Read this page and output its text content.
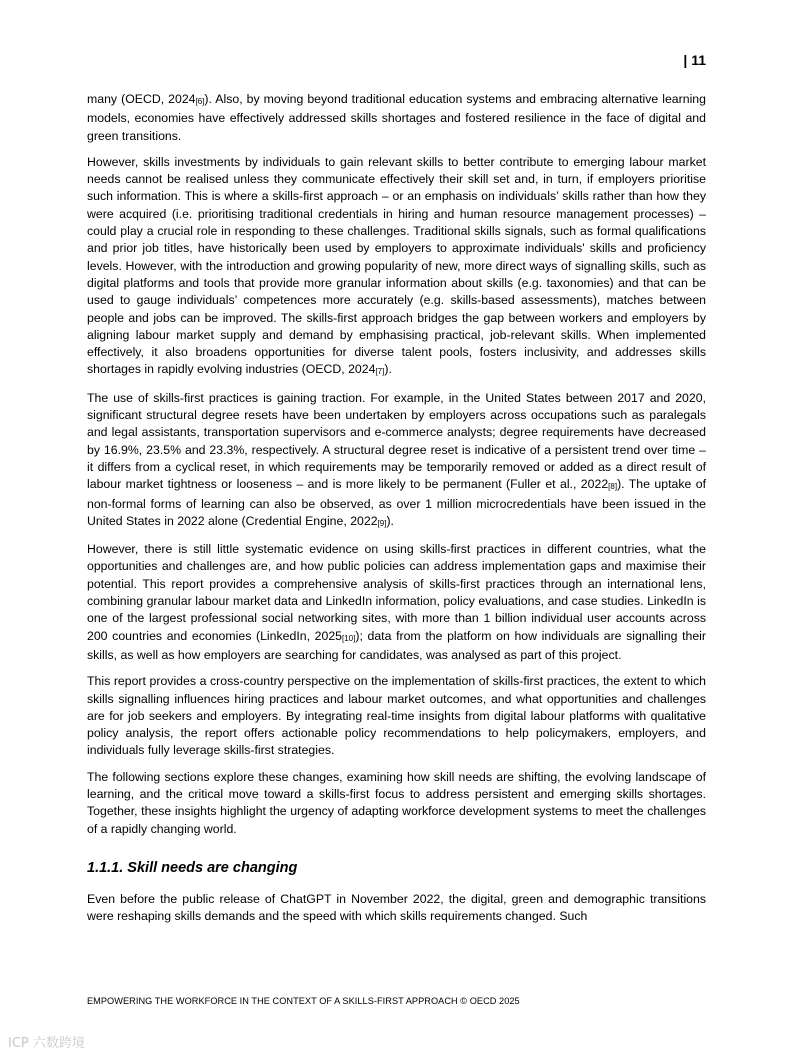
| 11

many (OECD, 2024[6]). Also, by moving beyond traditional education systems and embracing alternative learning models, economies have effectively addressed skills shortages and fostered resilience in the face of digital and green transitions.

However, skills investments by individuals to gain relevant skills to better contribute to emerging labour market needs cannot be realised unless they communicate effectively their skill set and, in turn, if employers prioritise such information. This is where a skills-first approach – or an emphasis on individuals’ skills rather than how they were acquired (i.e. prioritising traditional credentials in hiring and human resource management processes) – could play a crucial role in responding to these challenges. Traditional skills signals, such as formal qualifications and prior job titles, have historically been used by employers to approximate individuals' skills and proficiency levels. However, with the introduction and growing popularity of new, more direct ways of signalling skills, such as digital platforms and tools that provide more granular information about skills (e.g. taxonomies) and that can be used to gauge individuals’ competences more accurately (e.g. skills-based assessments), matches between people and jobs can be improved. The skills-first approach bridges the gap between workers and employers by aligning labour market supply and demand by emphasising practical, job-relevant skills. When implemented effectively, it also broadens opportunities for diverse talent pools, fosters inclusivity, and addresses skills shortages in rapidly evolving industries (OECD, 2024[7]).

The use of skills-first practices is gaining traction. For example, in the United States between 2017 and 2020, significant structural degree resets have been undertaken by employers across occupations such as paralegals and legal assistants, transportation supervisors and e-commerce analysts; degree requirements have decreased by 16.9%, 23.5% and 23.3%, respectively. A structural degree reset is indicative of a persistent trend over time – it differs from a cyclical reset, in which requirements may be temporarily removed or added as a direct result of labour market tightness or looseness – and is more likely to be permanent (Fuller et al., 2022[8]). The uptake of non-formal forms of learning can also be observed, as over 1 million microcredentials have been issued in the United States in 2022 alone (Credential Engine, 2022[9]).

However, there is still little systematic evidence on using skills-first practices in different countries, what the opportunities and challenges are, and how public policies can address implementation gaps and maximise their potential. This report provides a comprehensive analysis of skills-first practices through an international lens, combining granular labour market data and LinkedIn information, policy evaluations, and case studies. LinkedIn is one of the largest professional social networking sites, with more than 1 billion individual user accounts across 200 countries and economies (LinkedIn, 2025[10]); data from the platform on how individuals are signalling their skills, as well as how employers are searching for candidates, was analysed as part of this project.

This report provides a cross-country perspective on the implementation of skills-first practices, the extent to which skills signalling influences hiring practices and labour market outcomes, and what opportunities and challenges are for job seekers and employers. By integrating real-time insights from digital labour platforms with qualitative policy analysis, the report offers actionable policy recommendations to help policymakers, employers, and individuals fully leverage skills-first strategies.

The following sections explore these changes, examining how skill needs are shifting, the evolving landscape of learning, and the critical move toward a skills-first focus to address persistent and emerging skills shortages. Together, these insights highlight the urgency of adapting workforce development systems to meet the challenges of a rapidly changing world.

1.1.1. Skill needs are changing

Even before the public release of ChatGPT in November 2022, the digital, green and demographic transitions were reshaping skills demands and the speed with which skills requirements changed. Such

EMPOWERING THE WORKFORCE IN THE CONTEXT OF A SKILLS-FIRST APPROACH © OECD 2025
ICP 六数跨境
